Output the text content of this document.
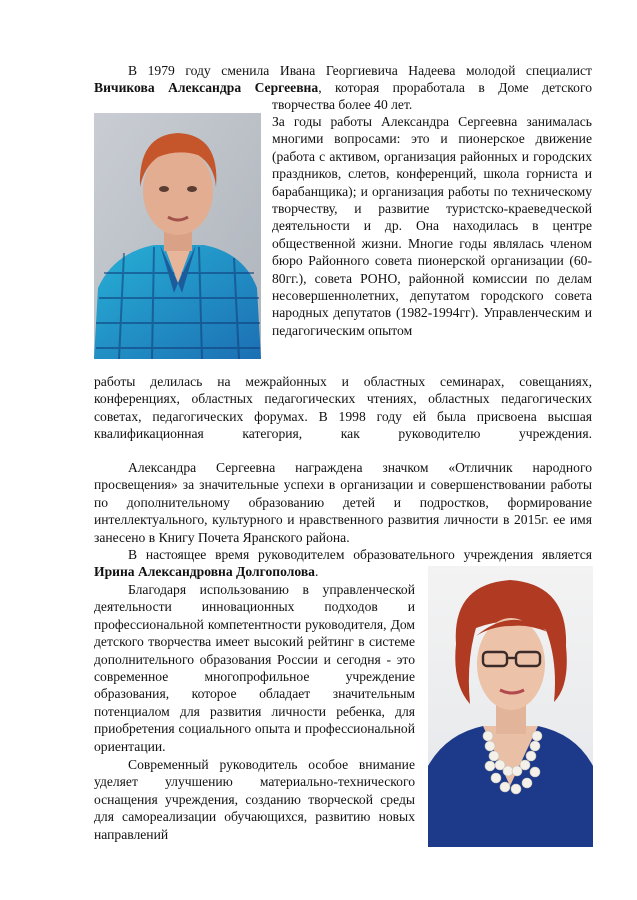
В 1979 году сменила Ивана Георгиевича Надеева молодой специалист
Вичикова Александра Сергеевна, которая проработала в Доме детского
творчества более 40 лет.
За годы работы Александра Сергеевна занималась многими вопросами: это и пионерское движение (работа с активом, организация районных и городских праздников, слетов, конференций, школа горниста и барабанщика); и организация работы по техническому творчеству, и развитие туристско-краеведческой деятельности и др. Она находилась в центре общественной жизни. Многие годы являлась членом бюро Районного совета пионерской организации (60-80гг.), совета РОНО, районной комиссии по делам несовершеннолетних, депутатом городского совета народных депутатов (1982-1994гг). Управленческим и педагогическим опытом
работы делилась на межрайонных и областных семинарах, совещаниях, конференциях, областных педагогических чтениях, областных педагогических советах, педагогических форумах. В 1998 году ей была присвоена высшая квалификационная категория, как руководителю учреждения.
Александра Сергеевна награждена значком «Отличник народного просвещения» за значительные успехи в организации и совершенствовании работы по дополнительному образованию детей и подростков, формирование интеллектуального, культурного и нравственного развития личности в 2015г. ее имя занесено в Книгу Почета Яранского района.
В настоящее время руководителем образовательного учреждения является Ирина Александровна Долгополова.
Благодаря использованию в управленческой деятельности инновационных подходов и профессиональной компетентности руководителя, Дом детского творчества имеет высокий рейтинг в системе дополнительного образования России и сегодня - это современное многопрофильное учреждение образования, которое обладает значительным потенциалом для развития личности ребенка, для приобретения социального опыта и профессиональной ориентации.
Современный руководитель особое внимание уделяет улучшению материально-технического оснащения учреждения, созданию творческой среды для самореализации обучающихся, развитию новых направлений
